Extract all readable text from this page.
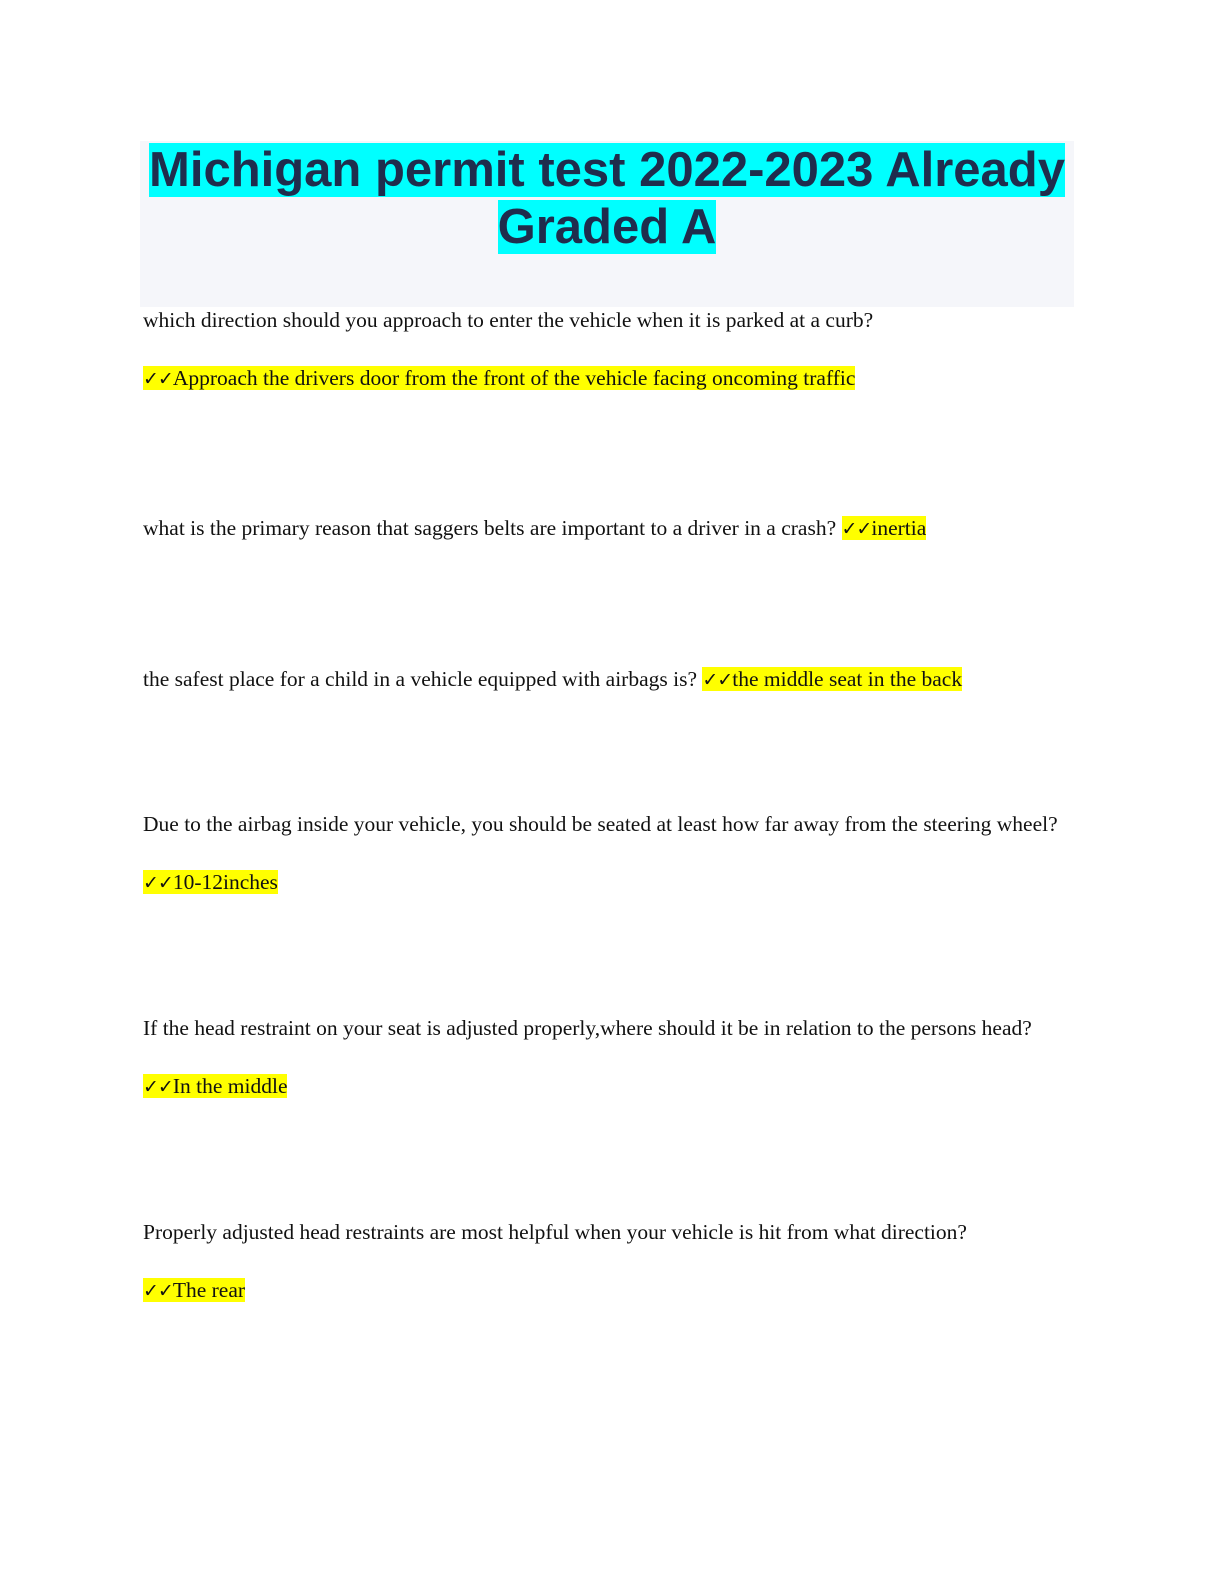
Michigan permit test 2022-2023 Already Graded A

which direction should you approach to enter the vehicle when it is parked at a curb?
✓✓Approach the drivers door from the front of the vehicle facing oncoming traffic

what is the primary reason that saggers belts are important to a driver in a crash? ✓✓inertia

the safest place for a child in a vehicle equipped with airbags is? ✓✓the middle seat in the back

Due to the airbag inside your vehicle, you should be seated at least how far away from the steering wheel? ✓✓10-12inches

If the head restraint on your seat is adjusted properly,where should it be in relation to the persons head? ✓✓In the middle

Properly adjusted head restraints are most helpful when your vehicle is hit from what direction?
✓✓The rear
